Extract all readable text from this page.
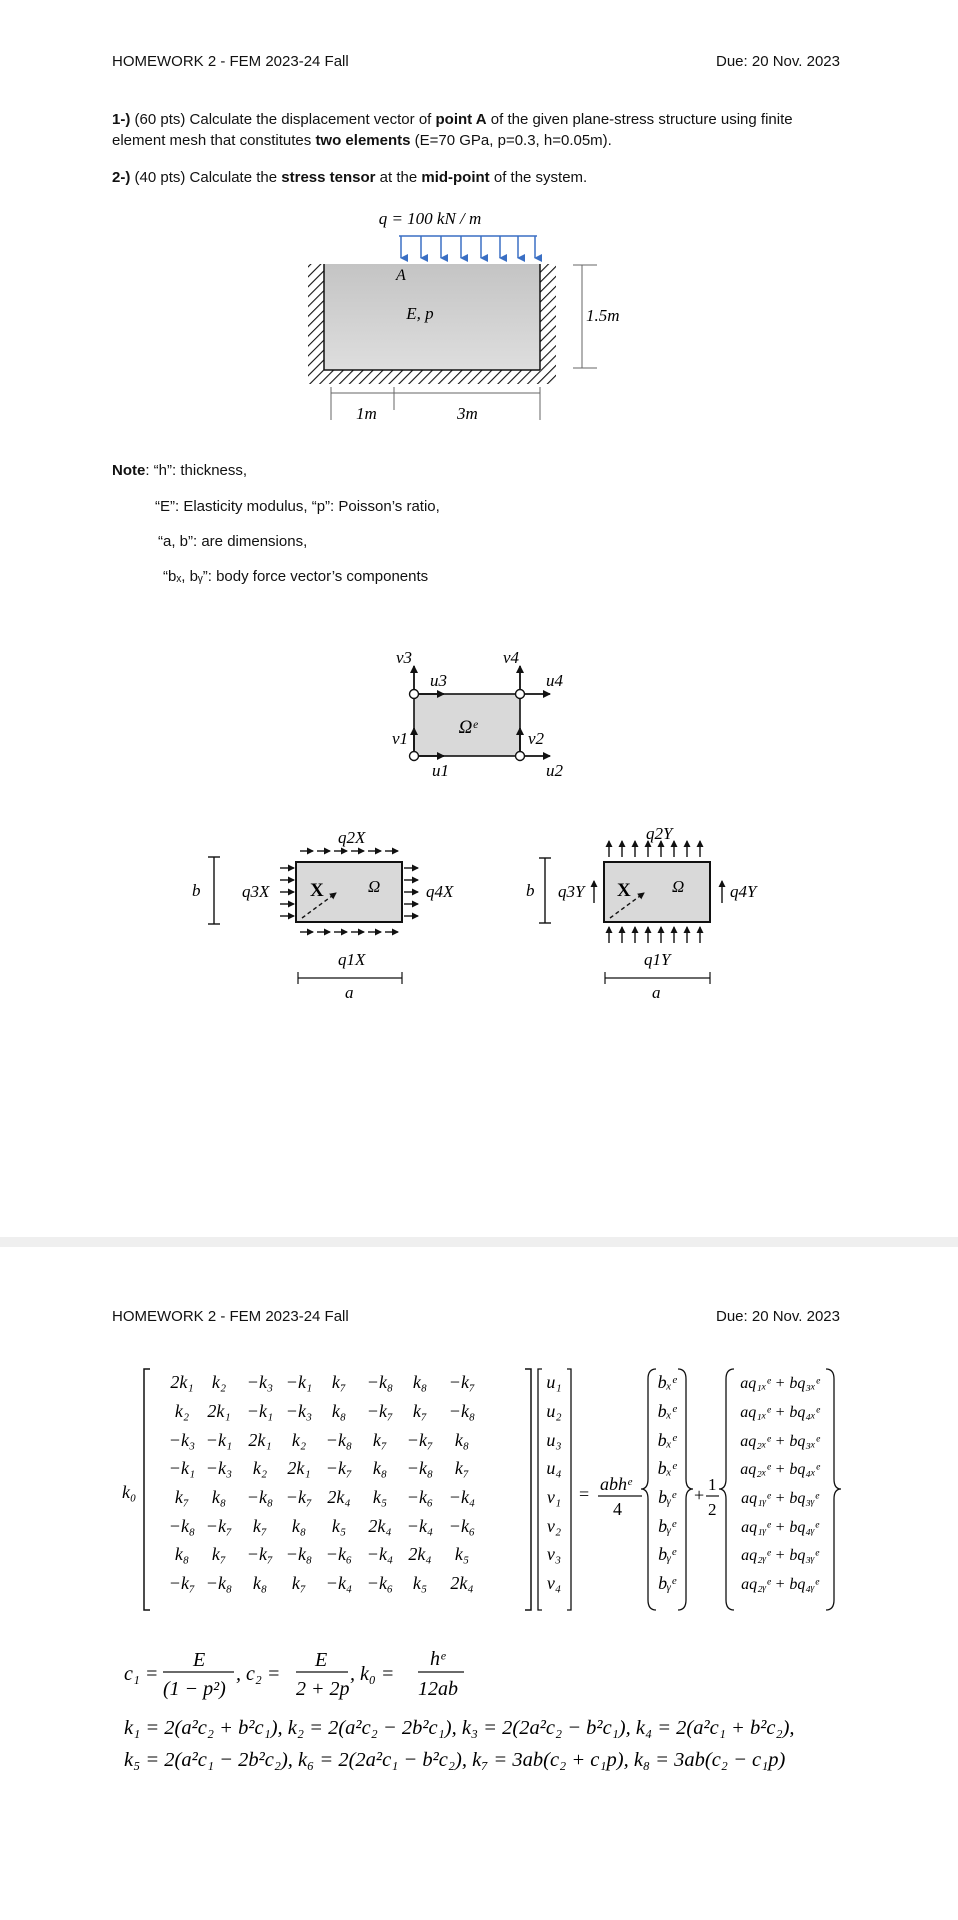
HOMEWORK 2 - FEM 2023-24 Fall	Due: 20 Nov. 2023
1-) (60 pts) Calculate the displacement vector of point A of the given plane-stress structure using finite
element mesh that constitutes two elements (E=70 GPa, p=0.3, h=0.05m).
2-) (40 pts) Calculate the stress tensor at the mid-point of the system.
q = 100 kN / m
A
E, p	1.5m
1m	3m
Note: “h”: thickness,
“E”: Elasticity modulus, “p”: Poisson’s ratio,
“a, b”: are dimensions,
“bₓ, bᵧ”: body force vector’s components
Ωᵉ
v3
u3
v4
u4
v1
u1
v2
u2
b
q2X
q3X	q4X
q1X
X	Ω
a
b
q2Y
q3Y	q4Y
q1Y
X Ω
a
HOMEWORK 2 - FEM 2023-24 Fall	Due: 20 Nov. 2023
k₀
2k₁ k₂ −k₃ −k₁ k₇ −k₈ k₈ −k₇
k₂ 2k₁ −k₁ −k₃ k₈ −k₇ k₇ −k₈
−k₃ −k₁ 2k₁ k₂ −k₈ k₇ −k₇ k₈
−k₁ −k₃ k₂ 2k₁ −k₇ k₈ −k₈ k₇
k₇ k₈ −k₈ −k₇ 2k₄ k₅ −k₆ −k₄
−k₈ −k₇ k₇ k₈ k₅ 2k₄ −k₄ −k₆
k₈ k₇ −k₇ −k₈ −k₆ −k₄ 2k₄ k₅
−k₇ −k₈ k₈ k₇ −k₄ −k₆ k₅ 2k₄
u₁
u₂
u₃
u₄
v₁
v₂
v₃
v₄
= abhᵉ
4
bₓᵉ
bₓᵉ
bₓᵉ
bₓᵉ
bᵧᵉ
bᵧᵉ
bᵧᵉ
bᵧᵉ
+
1
2
aq₁ₓᵉ + bq₃ₓᵉ
aq₁ₓᵉ + bq₄ₓᵉ
aq₂ₓᵉ + bq₃ₓᵉ
aq₂ₓᵉ + bq₄ₓᵉ
aq₁ᵧᵉ + bq₃ᵧᵉ
aq₁ᵧᵉ + bq₄ᵧᵉ
aq₂ᵧᵉ + bq₃ᵧᵉ
aq₂ᵧᵉ + bq₄ᵧᵉ
c₁ =
E
(1 − p²)
, c₂ =
E
2 + 2p
, k₀ =
hᵉ
12ab
k₁ = 2(a²c₂ + b²c₁), k₂ = 2(a²c₂ − 2b²c₁), k₃ = 2(2a²c₂ − b²c₁), k₄ = 2(a²c₁ + b²c₂),
k₅ = 2(a²c₁ − 2b²c₂), k₆ = 2(2a²c₁ − b²c₂), k₇ = 3ab(c₂ + c₁p), k₈ = 3ab(c₂ − c₁p)
